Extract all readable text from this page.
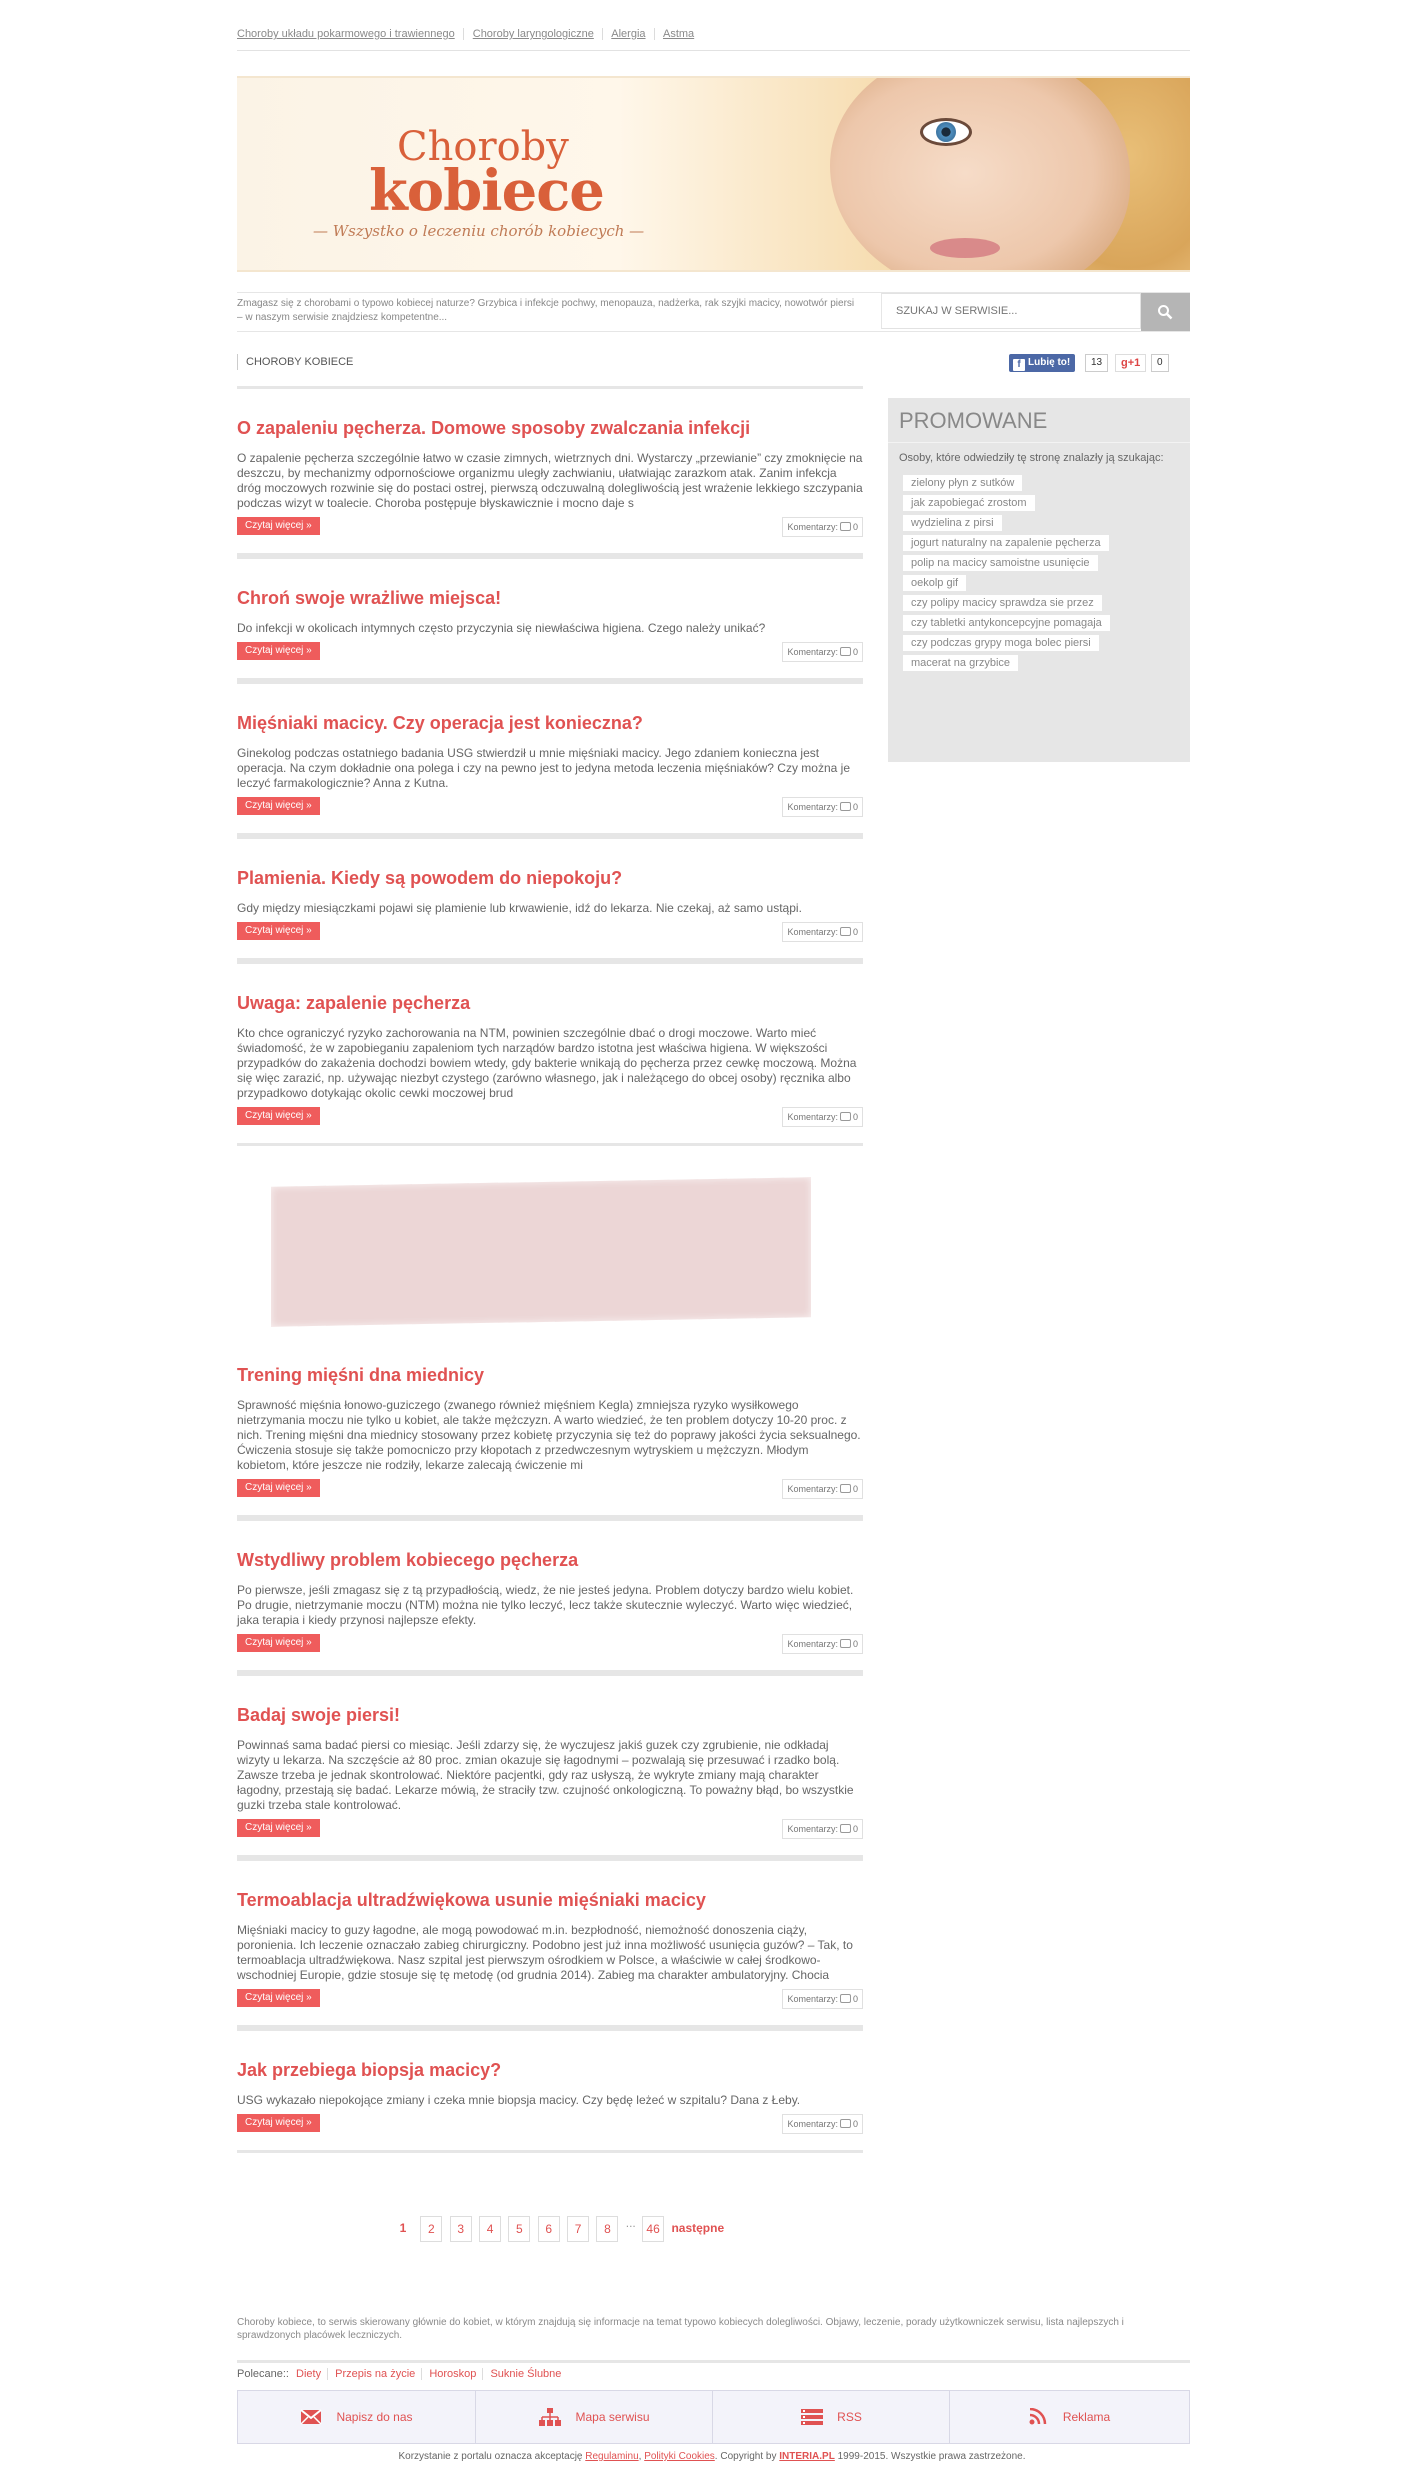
Choroby układu pokarmowego i trawiennego Choroby laryngologiczne Alergia Astma
Choroby
kobiece
— Wszystko o leczeniu chorób kobiecych —
Zmagasz się z chorobami o typowo kobiecej naturze? Grzybica i infekcje pochwy, menopauza, nadżerka, rak szyjki macicy, nowotwór piersi – w naszym serwisie znajdziesz kompetentne...
SZUKAJ W SERWISIE...
CHOROBY KOBIECE	f Lubię to!	13	g+1	0
O zapaleniu pęcherza. Domowe sposoby zwalczania infekcji

O zapalenie pęcherza szczególnie łatwo w czasie zimnych, wietrznych dni. Wystarczy „przewianie” czy zmoknięcie na deszczu, by mechanizmy odpornościowe organizmu uległy zachwianiu, ułatwiając zarazkom atak. Zanim infekcja dróg moczowych rozwinie się do postaci ostrej, pierwszą odczuwalną dolegliwością jest wrażenie lekkiego szczypania podczas wizyt w toalecie. Choroba postępuje błyskawicznie i mocno daje s

Czytaj więcej »	Komentarzy: 0
Chroń swoje wrażliwe miejsca!

Do infekcji w okolicach intymnych często przyczynia się niewłaściwa higiena. Czego należy unikać?

Czytaj więcej »	Komentarzy: 0
Mięśniaki macicy. Czy operacja jest konieczna?

Ginekolog podczas ostatniego badania USG stwierdził u mnie mięśniaki macicy. Jego zdaniem konieczna jest operacja. Na czym dokładnie ona polega i czy na pewno jest to jedyna metoda leczenia mięśniaków? Czy można je leczyć farmakologicznie? Anna z Kutna.

Czytaj więcej »	Komentarzy: 0
Plamienia. Kiedy są powodem do niepokoju?

Gdy między miesiączkami pojawi się plamienie lub krwawienie, idź do lekarza. Nie czekaj, aż samo ustąpi.

Czytaj więcej »	Komentarzy: 0
Uwaga: zapalenie pęcherza

Kto chce ograniczyć ryzyko zachorowania na NTM, powinien szczególnie dbać o drogi moczowe. Warto mieć świadomość, że w zapobieganiu zapaleniom tych narządów bardzo istotna jest właściwa higiena. W większości przypadków do zakażenia dochodzi bowiem wtedy, gdy bakterie wnikają do pęcherza przez cewkę moczową. Można się więc zarazić, np. używając niezbyt czystego (zarówno własnego, jak i należącego do obcej osoby) ręcznika albo przypadkowo dotykając okolic cewki moczowej brud

Czytaj więcej »	Komentarzy: 0
Trening mięśni dna miednicy

Sprawność mięśnia łonowo-guziczego (zwanego również mięśniem Kegla) zmniejsza ryzyko wysiłkowego nietrzymania moczu nie tylko u kobiet, ale także mężczyzn. A warto wiedzieć, że ten problem dotyczy 10-20 proc. z nich. Trening mięśni dna miednicy stosowany przez kobietę przyczynia się też do poprawy jakości życia seksualnego. Ćwiczenia stosuje się także pomocniczo przy kłopotach z przedwczesnym wytryskiem u mężczyzn. Młodym kobietom, które jeszcze nie rodziły, lekarze zalecają ćwiczenie mi

Czytaj więcej »	Komentarzy: 0
Wstydliwy problem kobiecego pęcherza

Po pierwsze, jeśli zmagasz się z tą przypadłością, wiedz, że nie jesteś jedyna. Problem dotyczy bardzo wielu kobiet. Po drugie, nietrzymanie moczu (NTM) można nie tylko leczyć, lecz także skutecznie wyleczyć. Warto więc wiedzieć, jaka terapia i kiedy przynosi najlepsze efekty.

Czytaj więcej »	Komentarzy: 0
Badaj swoje piersi!

Powinnaś sama badać piersi co miesiąc. Jeśli zdarzy się, że wyczujesz jakiś guzek czy zgrubienie, nie odkładaj wizyty u lekarza. Na szczęście aż 80 proc. zmian okazuje się łagodnymi – pozwalają się przesuwać i rzadko bolą. Zawsze trzeba je jednak skontrolować. Niektóre pacjentki, gdy raz usłyszą, że wykryte zmiany mają charakter łagodny, przestają się badać. Lekarze mówią, że straciły tzw. czujność onkologiczną. To poważny błąd, bo wszystkie guzki trzeba stale kontrolować.

Czytaj więcej »	Komentarzy: 0
Termoablacja ultradźwiękowa usunie mięśniaki macicy

Mięśniaki macicy to guzy łagodne, ale mogą powodować m.in. bezpłodność, niemożność donoszenia ciąży, poronienia. Ich leczenie oznaczało zabieg chirurgiczny. Podobno jest już inna możliwość usunięcia guzów? – Tak, to termoablacja ultradźwiękowa. Nasz szpital jest pierwszym ośrodkiem w Polsce, a właściwie w całej środkowo-wschodniej Europie, gdzie stosuje się tę metodę (od grudnia 2014). Zabieg ma charakter ambulatoryjny. Chocia

Czytaj więcej »	Komentarzy: 0
Jak przebiega biopsja macicy?

USG wykazało niepokojące zmiany i czeka mnie biopsja macicy. Czy będę leżeć w szpitalu? Dana z Łeby.

Czytaj więcej »	Komentarzy: 0
PROMOWANE
Osoby, które odwiedziły tę stronę znalazły ją szukając:
zielony płyn z sutków jak zapobiegać zrostom wydzielina z pirsi jogurt naturalny na zapalenie pęcherza polip na macicy samoistne usunięcie oekolp gif czy polipy macicy sprawdza sie przez czy tabletki antykoncepcyjne pomagaja czy podczas grypy moga bolec piersi macerat na grzybice
1 2 3 4 5 6 7 8 ... 46 następne
Choroby kobiece, to serwis skierowany głównie do kobiet, w którym znajdują się informacje na temat typowo kobiecych dolegliwości. Objawy, leczenie, porady użytkowniczek serwisu, lista najlepszych i sprawdzonych placówek leczniczych.
Polecane:: Diety Przepis na życie Horoskop Suknie Ślubne
Napisz do nas	Mapa serwisu	RSS	Reklama
Korzystanie z portalu oznacza akceptację Regulaminu, Polityki Cookies. Copyright by INTERIA.PL 1999-2015. Wszystkie prawa zastrzeżone.
